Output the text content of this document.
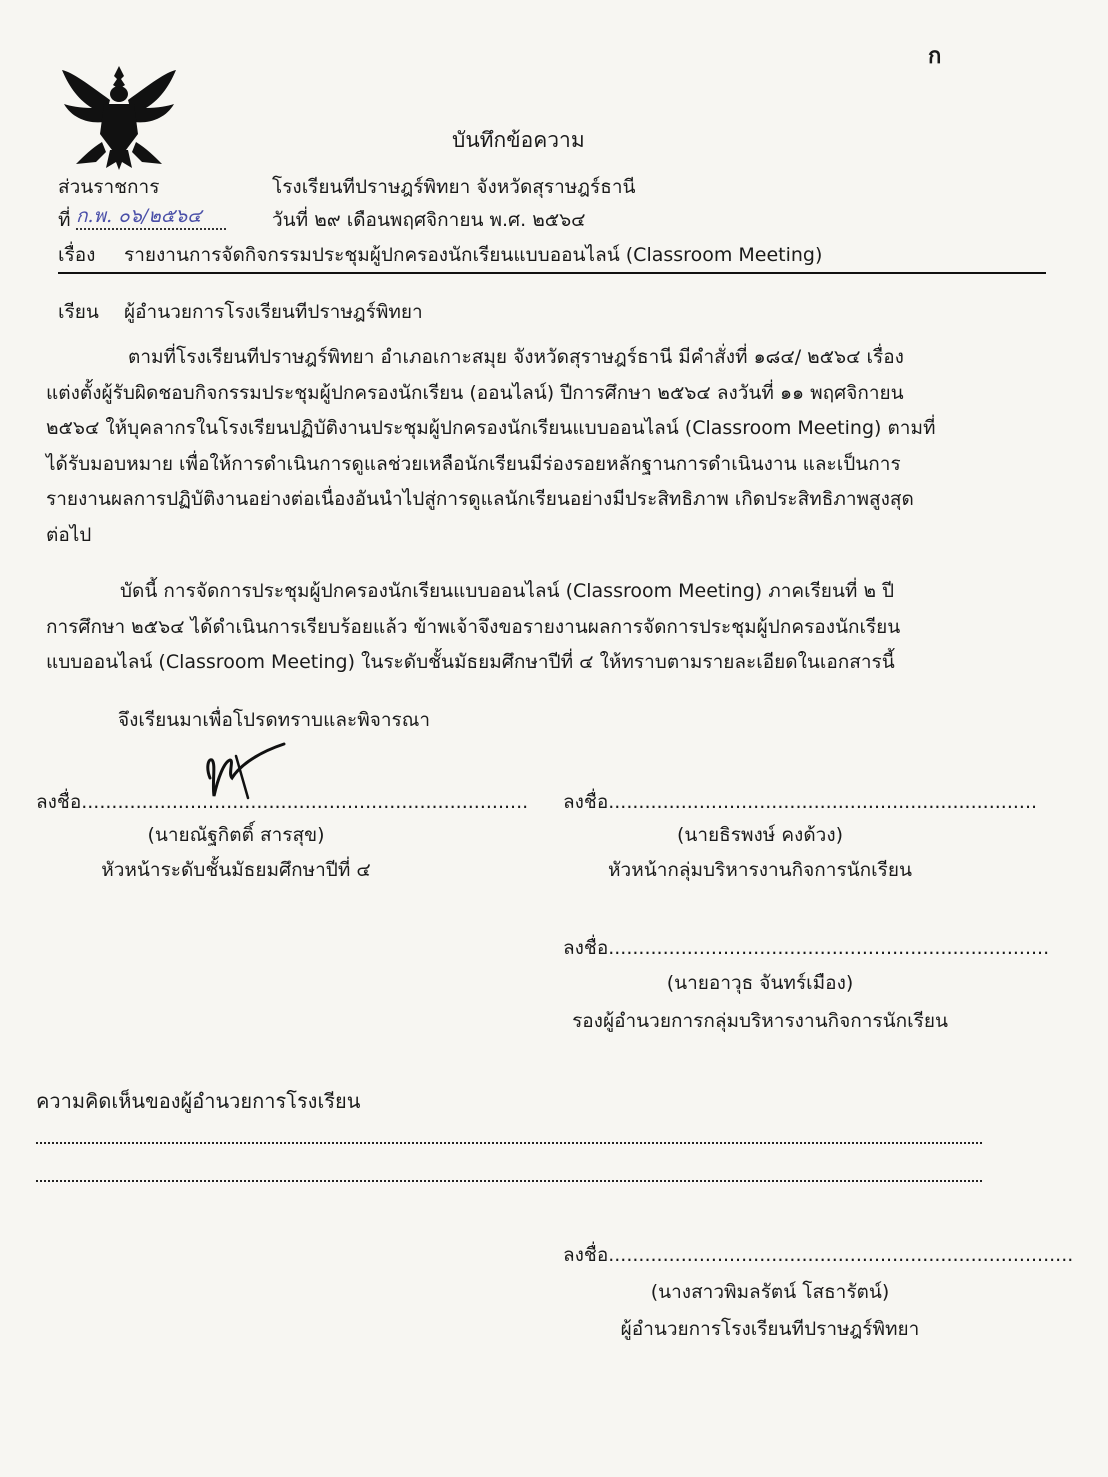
ก
บันทึกข้อความ
ส่วนราชการ	โรงเรียนทีปราษฎร์พิทยา จังหวัดสุราษฎร์ธานี
ที่ ก.พ. ๐๖/๒๕๖๔	วันที่ ๒๙ เดือนพฤศจิกายน พ.ศ. ๒๕๖๔
เรื่อง รายงานการจัดกิจกรรมประชุมผู้ปกครองนักเรียนแบบออนไลน์ (Classroom Meeting)
เรียน ผู้อำนวยการโรงเรียนทีปราษฎร์พิทยา
ตามที่โรงเรียนทีปราษฎร์พิทยา อำเภอเกาะสมุย จังหวัดสุราษฎร์ธานี มีคำสั่งที่ ๑๘๔/ ๒๕๖๔ เรื่อง
แต่งตั้งผู้รับผิดชอบกิจกรรมประชุมผู้ปกครองนักเรียน (ออนไลน์) ปีการศึกษา ๒๕๖๔ ลงวันที่ ๑๑ พฤศจิกายน
๒๕๖๔ ให้บุคลากรในโรงเรียนปฏิบัติงานประชุมผู้ปกครองนักเรียนแบบออนไลน์ (Classroom Meeting) ตามที่
ได้รับมอบหมาย เพื่อให้การดำเนินการดูแลช่วยเหลือนักเรียนมีร่องรอยหลักฐานการดำเนินงาน และเป็นการ
รายงานผลการปฏิบัติงานอย่างต่อเนื่องอันนำไปสู่การดูแลนักเรียนอย่างมีประสิทธิภาพ เกิดประสิทธิภาพสูงสุด
ต่อไป
บัดนี้ การจัดการประชุมผู้ปกครองนักเรียนแบบออนไลน์ (Classroom Meeting) ภาคเรียนที่ ๒ ปี
การศึกษา ๒๕๖๔ ได้ดำเนินการเรียบร้อยแล้ว ข้าพเจ้าจึงขอรายงานผลการจัดการประชุมผู้ปกครองนักเรียน
แบบออนไลน์ (Classroom Meeting) ในระดับชั้นมัธยมศึกษาปีที่ ๔ ให้ทราบตามรายละเอียดในเอกสารนี้
จึงเรียนมาเพื่อโปรดทราบและพิจารณา
ลงชื่อ..........................................................................
(นายณัฐกิตติ์ สารสุข)
หัวหน้าระดับชั้นมัธยมศึกษาปีที่ ๔
ลงชื่อ.......................................................................
(นายธิรพงษ์ คงด้วง)
หัวหน้ากลุ่มบริหารงานกิจการนักเรียน
ลงชื่อ.........................................................................
(นายอาวุธ จันทร์เมือง)
รองผู้อำนวยการกลุ่มบริหารงานกิจการนักเรียน
ความคิดเห็นของผู้อำนวยการโรงเรียน
ลงชื่อ.............................................................................
(นางสาวพิมลรัตน์ โสธารัตน์)
ผู้อำนวยการโรงเรียนทีปราษฎร์พิทยา
